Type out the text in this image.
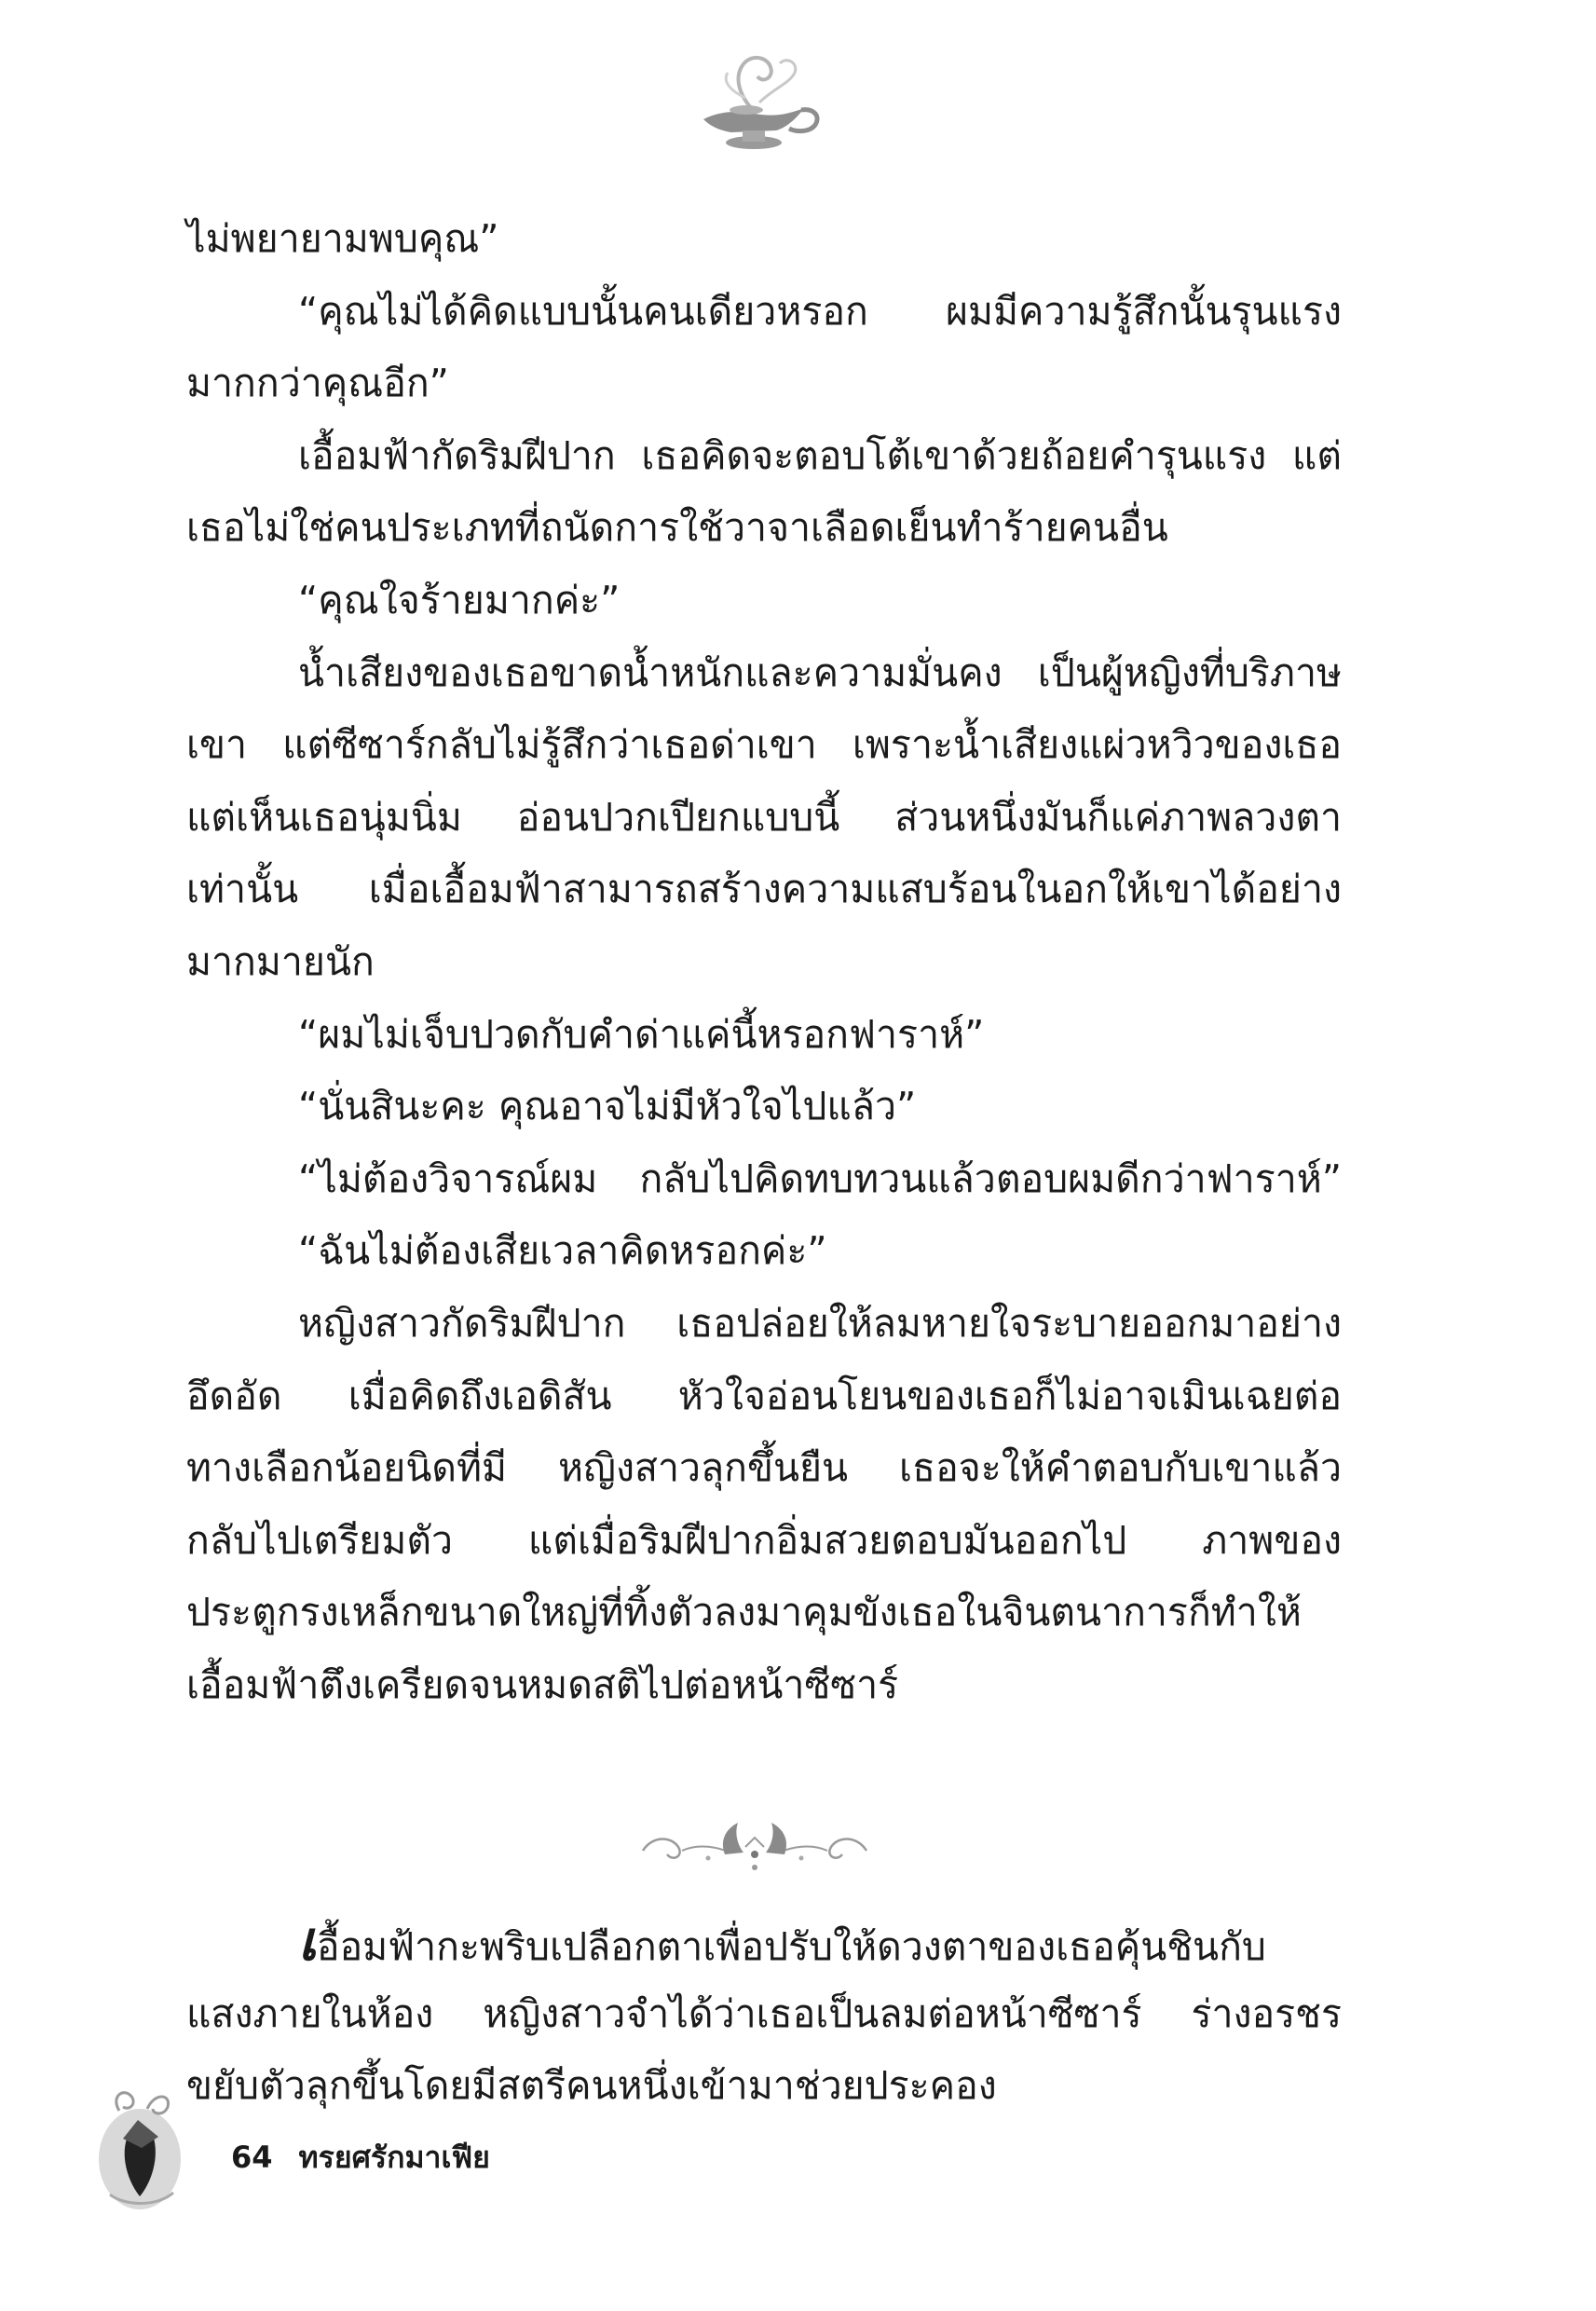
ไม่พยายามพบคุณ”
“คุณไม่ได้คิดแบบนั้นคนเดียวหรอก ผมมีความรู้สึกนั้นรุนแรง
มากกว่าคุณอีก”
เอื้อมฟ้ากัดริมฝีปาก เธอคิดจะตอบโต้เขาด้วยถ้อยคำรุนแรง แต่
เธอไม่ใช่คนประเภทที่ถนัดการใช้วาจาเลือดเย็นทำร้ายคนอื่น
“คุณใจร้ายมากค่ะ”
น้ำเสียงของเธอขาดน้ำหนักและความมั่นคง เป็นผู้หญิงที่บริภาษ
เขา แต่ซีซาร์กลับไม่รู้สึกว่าเธอด่าเขา เพราะน้ำเสียงแผ่วหวิวของเธอ
แต่เห็นเธอนุ่มนิ่ม อ่อนปวกเปียกแบบนี้ ส่วนหนึ่งมันก็แค่ภาพลวงตา
เท่านั้น เมื่อเอื้อมฟ้าสามารถสร้างความแสบร้อนในอกให้เขาได้อย่าง
มากมายนัก
“ผมไม่เจ็บปวดกับคำด่าแค่นี้หรอกฟาราห์”
“นั่นสินะคะ คุณอาจไม่มีหัวใจไปแล้ว”
“ไม่ต้องวิจารณ์ผม กลับไปคิดทบทวนแล้วตอบผมดีกว่าฟาราห์”
“ฉันไม่ต้องเสียเวลาคิดหรอกค่ะ”
หญิงสาวกัดริมฝีปาก เธอปล่อยให้ลมหายใจระบายออกมาอย่าง
อึดอัด เมื่อคิดถึงเอดิสัน หัวใจอ่อนโยนของเธอก็ไม่อาจเมินเฉยต่อ
ทางเลือกน้อยนิดที่มี หญิงสาวลุกขึ้นยืน เธอจะให้คำตอบกับเขาแล้ว
กลับไปเตรียมตัว แต่เมื่อริมฝีปากอิ่มสวยตอบมันออกไป ภาพของ
ประตูกรงเหล็กขนาดใหญ่ที่ทิ้งตัวลงมาคุมขังเธอในจินตนาการก็ทำให้
เอื้อมฟ้าตึงเครียดจนหมดสติไปต่อหน้าซีซาร์
เอื้อมฟ้ากะพริบเปลือกตาเพื่อปรับให้ดวงตาของเธอคุ้นชินกับ
แสงภายในห้อง หญิงสาวจำได้ว่าเธอเป็นลมต่อหน้าซีซาร์ ร่างอรชร
ขยับตัวลุกขึ้นโดยมีสตรีคนหนึ่งเข้ามาช่วยประคอง
64 ทรยศรักมาเฟีย
